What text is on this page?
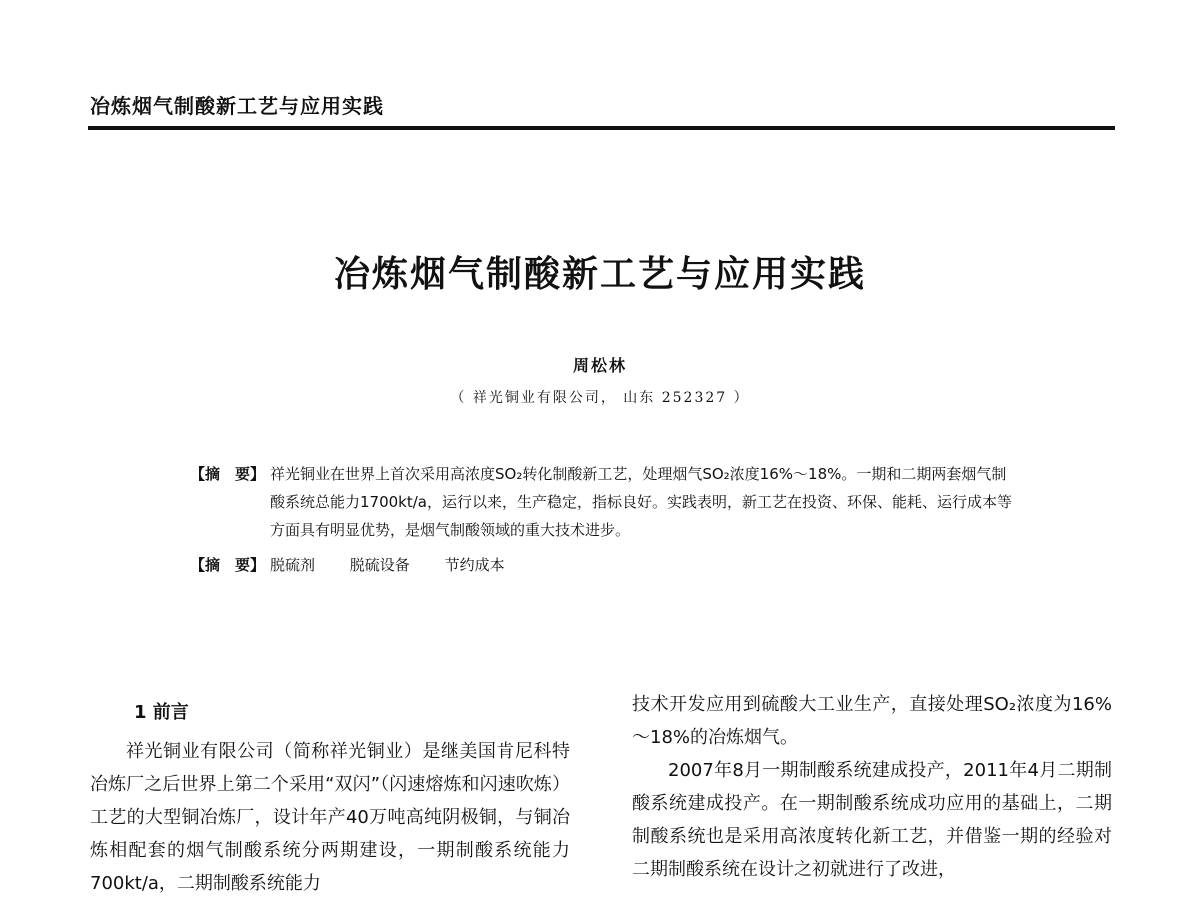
冶炼烟气制酸新工艺与应用实践
冶炼烟气制酸新工艺与应用实践
周松林
（ 祥光铜业有限公司， 山东 252327 ）
【摘　要】 祥光铜业在世界上首次采用高浓度SO₂转化制酸新工艺，处理烟气SO₂浓度16%～18%。一期和二期两套烟气制酸系统总能力1700kt/a，运行以来，生产稳定，指标良好。实践表明，新工艺在投资、环保、能耗、运行成本等方面具有明显优势，是烟气制酸领域的重大技术进步。
【摘　要】 脱硫剂 脱硫设备 节约成本
1 前言

祥光铜业有限公司（简称祥光铜业）是继美国肯尼科特冶炼厂之后世界上第二个采用“双闪”（闪速熔炼和闪速吹炼）工艺的大型铜冶炼厂，设计年产40万吨高纯阴极铜，与铜冶炼相配套的烟气制酸系统分两期建设，一期制酸系统能力700kt/a，二期制酸系统能力

技术开发应用到硫酸大工业生产，直接处理SO₂浓度为16%～18%的冶炼烟气。

2007年8月一期制酸系统建成投产，2011年4月二期制酸系统建成投产。在一期制酸系统成功应用的基础上，二期制酸系统也是采用高浓度转化新工艺，并借鉴一期的经验对二期制酸系统在设计之初就进行了改进，
